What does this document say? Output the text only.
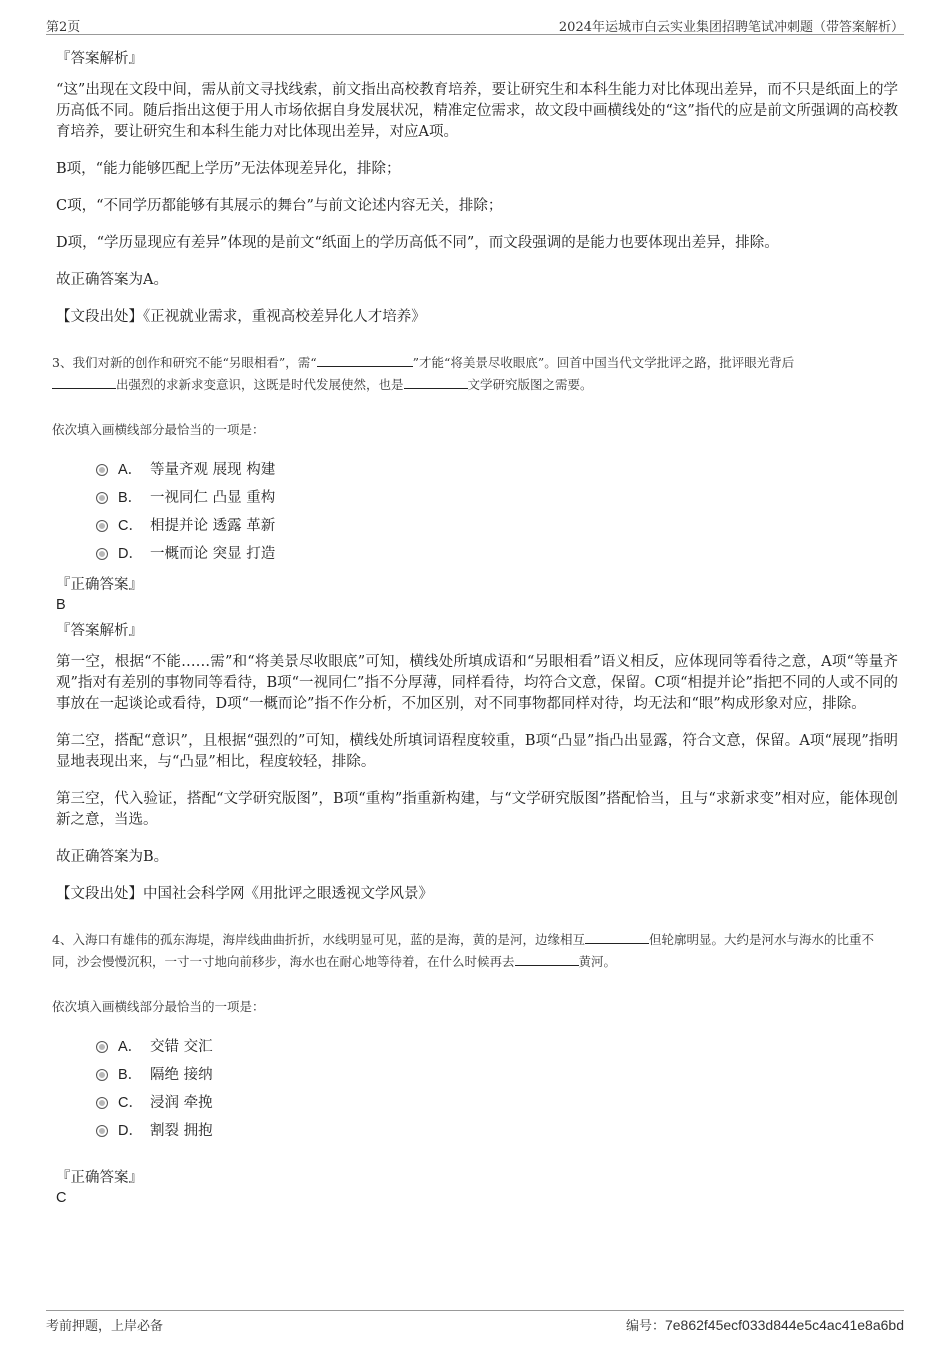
第2页	2024年运城市白云实业集团招聘笔试冲刺题（带答案解析）

『答案解析』

“这”出现在文段中间，需从前文寻找线索，前文指出高校教育培养，要让研究生和本科生能力对比体现出差异，而不只是纸面上的学历高低不同。随后指出这便于用人市场依据自身发展状况，精准定位需求，故文段中画横线处的“这”指代的应是前文所强调的高校教育培养，要让研究生和本科生能力对比体现出差异，对应A项。

B项，“能力能够匹配上学历”无法体现差异化，排除；

C项，“不同学历都能够有其展示的舞台”与前文论述内容无关，排除；

D项，“学历显现应有差异”体现的是前文“纸面上的学历高低不同”，而文段强调的是能力也要体现出差异，排除。

故正确答案为A。

【文段出处】《正视就业需求，重视高校差异化人才培养》

3、我们对新的创作和研究不能“另眼相看”，需“	”才能“将美景尽收眼底”。回首中国当代文学批评之路，批评眼光背后
出强烈的求新求变意识，这既是时代发展使然，也是	文学研究版图之需要。

依次填入画横线部分最恰当的一项是：

A． 等量齐观 展现 构建
B． 一视同仁 凸显 重构
C． 相提并论 透露 革新
D． 一概而论 突显 打造

『正确答案』

B

『答案解析』

第一空，根据“不能……需”和“将美景尽收眼底”可知，横线处所填成语和“另眼相看”语义相反，应体现同等看待之意，A项“等量齐观”指对有差别的事物同等看待，B项“一视同仁”指不分厚薄，同样看待，均符合文意，保留。C项“相提并论”指把不同的人或不同的事放在一起谈论或看待，D项“一概而论”指不作分析，不加区别，对不同事物都同样对待，均无法和“眼”构成形象对应，排除。

第二空，搭配“意识”，且根据“强烈的”可知，横线处所填词语程度较重，B项“凸显”指凸出显露，符合文意，保留。A项“展现”指明显地表现出来，与“凸显”相比，程度较轻，排除。

第三空，代入验证，搭配“文学研究版图”，B项“重构”指重新构建，与“文学研究版图”搭配恰当，且与“求新求变”相对应，能体现创新之意，当选。

故正确答案为B。

【文段出处】中国社会科学网《用批评之眼透视文学风景》

4、入海口有雄伟的孤东海堤，海岸线曲曲折折，水线明显可见，蓝的是海，黄的是河，边缘相互	但轮廓明显。大约是河水与海水的比重不同，沙会慢慢沉积，一寸一寸地向前移步，海水也在耐心地等待着，在什么时候再去	黄河。

依次填入画横线部分最恰当的一项是：

A． 交错 交汇
B． 隔绝 接纳
C． 浸润 牵挽
D． 割裂 拥抱

『正确答案』

C

考前押题，上岸必备	编号：7e862f45ecf033d844e5c4ac41e8a6bd
